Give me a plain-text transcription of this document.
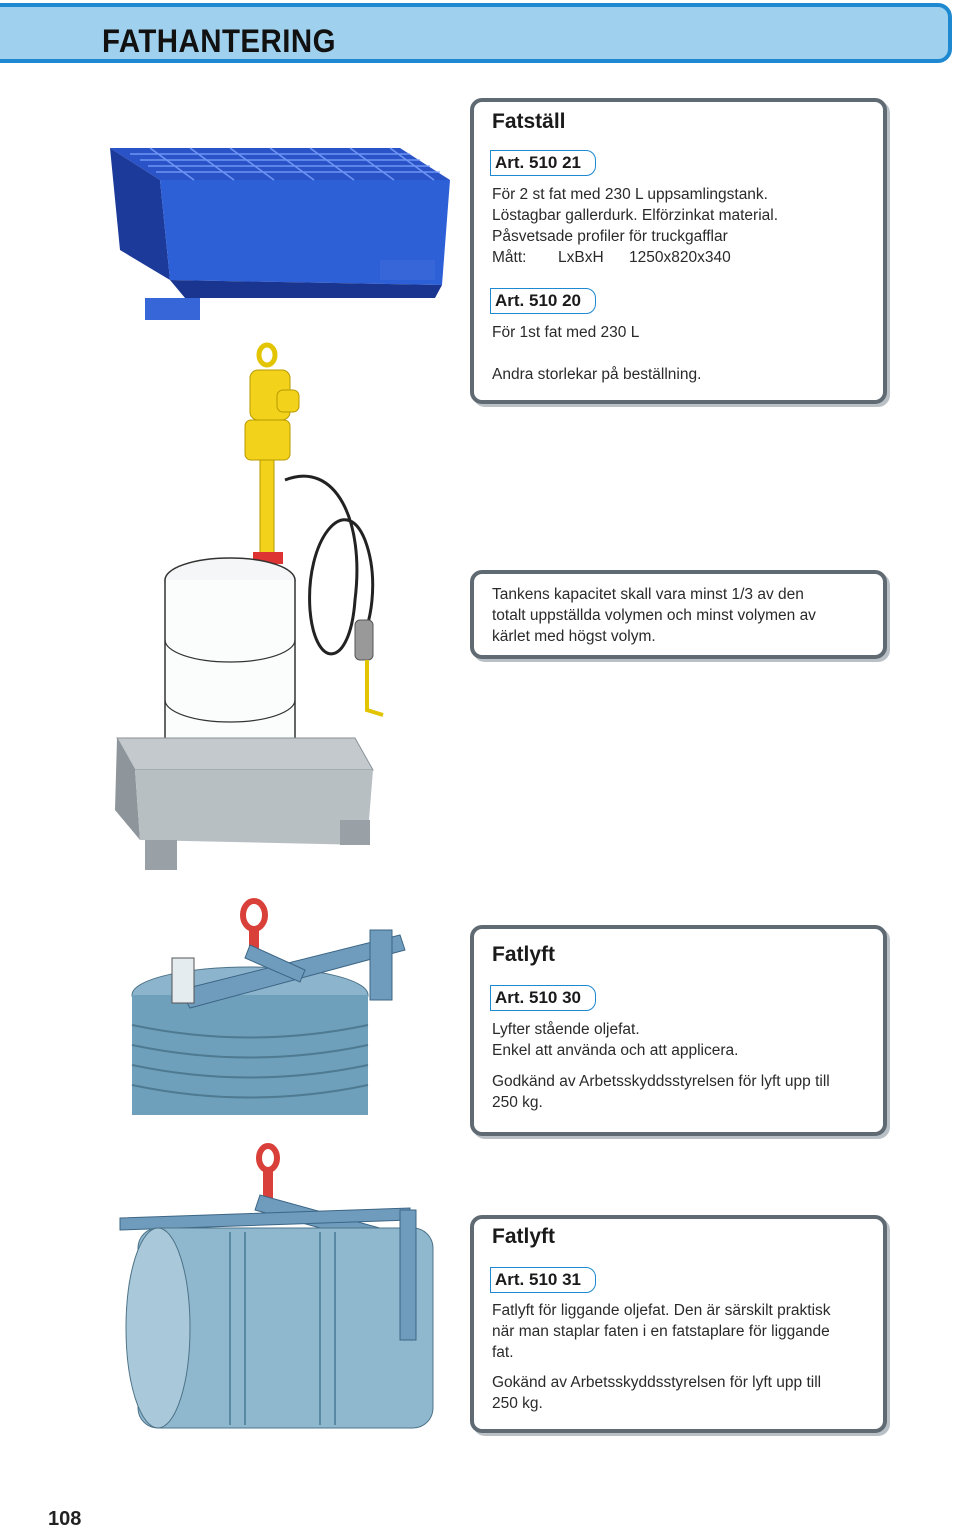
FATHANTERING
Fatställ
Art. 510 21
För 2 st fat med 230 L uppsamlingstank.
Löstagbar gallerdurk. Elförzinkat material.
Påsvetsade profiler för truckgafflar
Mått: LxBxH 1250x820x340
Art. 510 20
För 1st fat med 230 L
Andra storlekar på beställning.
Tankens kapacitet skall vara minst 1/3 av den
totalt uppställda volymen och minst volymen av
kärlet med högst volym.
Fatlyft
Art. 510 30
Lyfter stående oljefat.
Enkel att använda och att applicera.
Godkänd av Arbetsskyddsstyrelsen för lyft upp till
250 kg.
Fatlyft
Art. 510 31
Fatlyft för liggande oljefat. Den är särskilt praktisk
när man staplar faten i en fatstaplare för liggande
fat.
Gokänd av Arbetsskyddsstyrelsen för lyft upp till
250 kg.
108
